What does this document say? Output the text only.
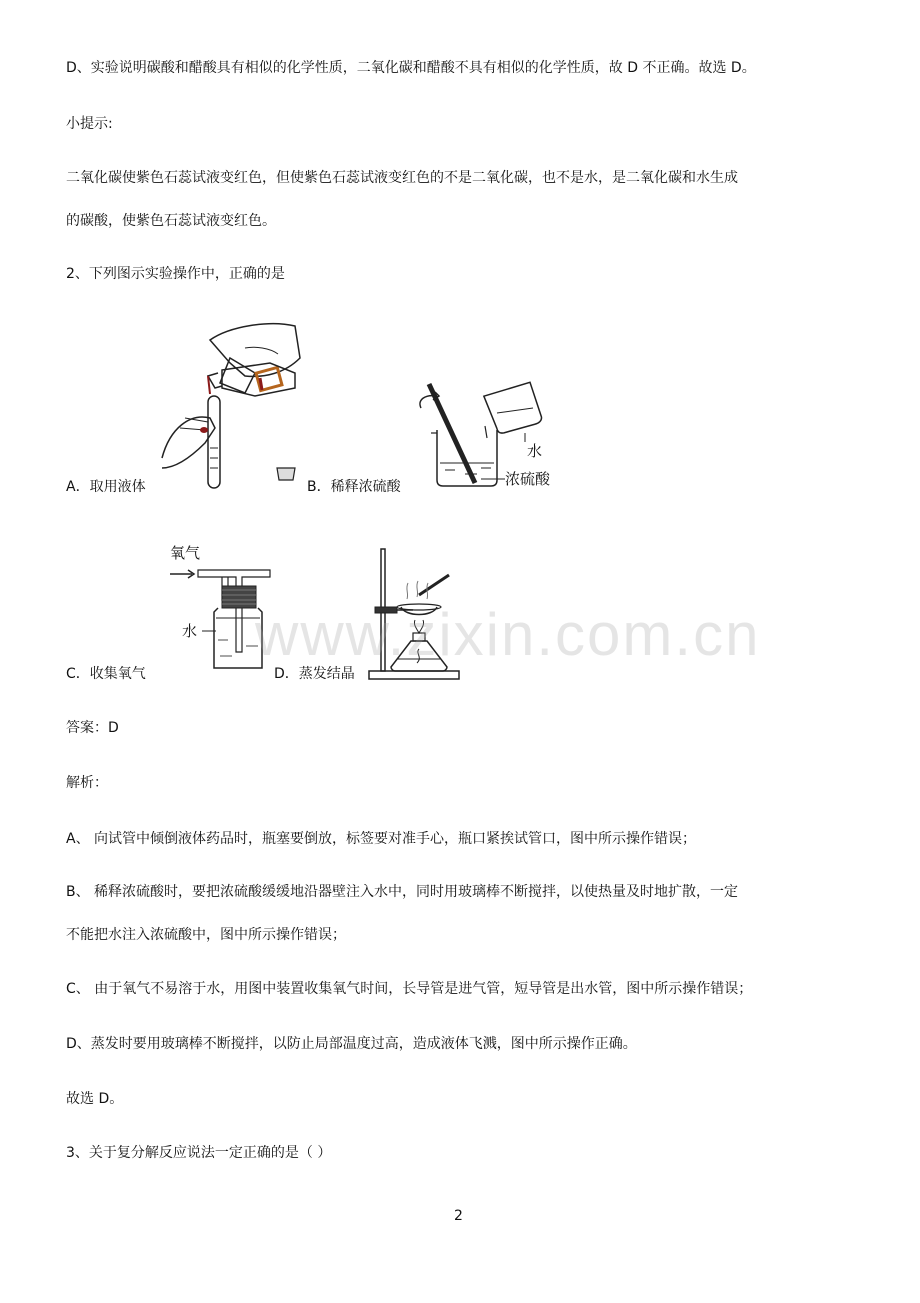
D、实验说明碳酸和醋酸具有相似的化学性质，二氧化碳和醋酸不具有相似的化学性质，故 D 不正确。故选 D。
小提示:
二氧化碳使紫色石蕊试液变红色，但使紫色石蕊试液变红色的不是二氧化碳，也不是水，是二氧化碳和水生成
的碳酸，使紫色石蕊试液变红色。
2、下列图示实验操作中，正确的是
A．取用液体
水
浓硫酸
B．稀释浓硫酸
氧气
水
C．收集氧气	D．蒸发结晶
www.zixin.com.cn
答案：D
解析：
A、 向试管中倾倒液体药品时，瓶塞要倒放，标签要对准手心，瓶口紧挨试管口，图中所示操作错误；
B、 稀释浓硫酸时，要把浓硫酸缓缓地沿器壁注入水中，同时用玻璃棒不断搅拌，以使热量及时地扩散，一定
不能把水注入浓硫酸中，图中所示操作错误；
C、 由于氧气不易溶于水，用图中装置收集氧气时间，长导管是进气管，短导管是出水管，图中所示操作错误；
D、蒸发时要用玻璃棒不断搅拌，以防止局部温度过高，造成液体飞溅，图中所示操作正确。
故选 D。
3、关于复分解反应说法一定正确的是（ ）
2
